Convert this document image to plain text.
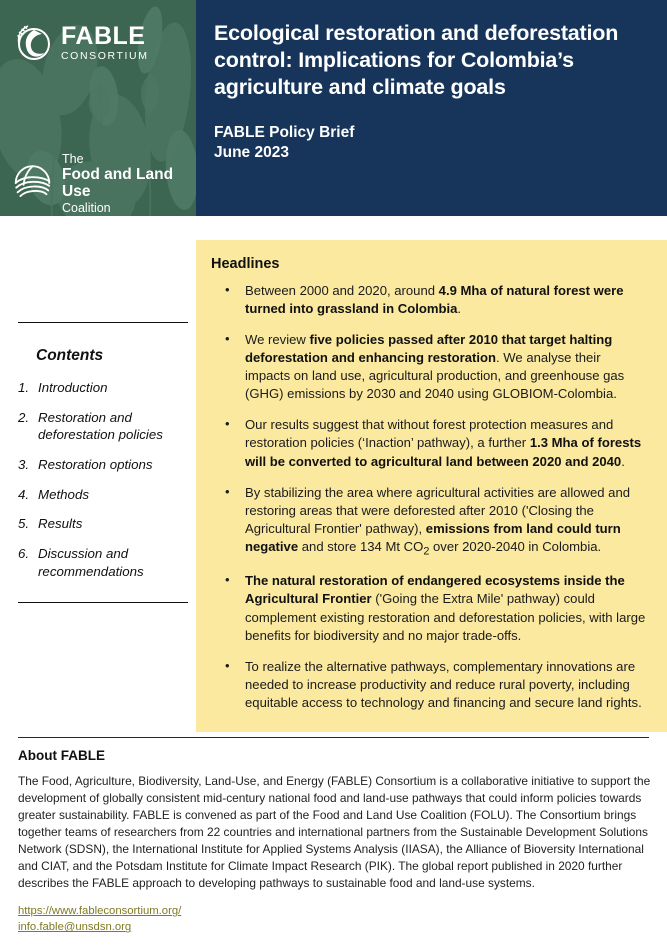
FABLE
CONSORTIUM
The
Food and Land Use
Coalition
Ecological restoration and deforestation control: Implications for Colombia’s agriculture and climate goals
FABLE Policy Brief
June 2023
Contents
1. Introduction
2. Restoration and deforestation policies
3. Restoration options
4. Methods
5. Results
6. Discussion and recommendations
Headlines
• Between 2000 and 2020, around 4.9 Mha of natural forest were turned into grassland in Colombia.
• We review five policies passed after 2010 that target halting deforestation and enhancing restoration. We analyse their impacts on land use, agricultural production, and greenhouse gas (GHG) emissions by 2030 and 2040 using GLOBIOM-Colombia.
• Our results suggest that without forest protection measures and restoration policies (‘Inaction’ pathway), a further 1.3 Mha of forests will be converted to agricultural land between 2020 and 2040.
• By stabilizing the area where agricultural activities are allowed and restoring areas that were deforested after 2010 ('Closing the Agricultural Frontier' pathway), emissions from land could turn negative and store 134 Mt $CO_2$ over 2020-2040 in Colombia.
• The natural restoration of endangered ecosystems inside the Agricultural Frontier ('Going the Extra Mile' pathway) could complement existing restoration and deforestation policies, with large benefits for biodiversity and no major trade-offs.
• To realize the alternative pathways, complementary innovations are needed to increase productivity and reduce rural poverty, including equitable access to technology and financing and secure land rights.
About FABLE

The Food, Agriculture, Biodiversity, Land-Use, and Energy (FABLE) Consortium is a collaborative initiative to support the development of globally consistent mid-century national food and land-use pathways that could inform policies towards greater sustainability. FABLE is convened as part of the Food and Land Use Coalition (FOLU). The Consortium brings together teams of researchers from 22 countries and international partners from the Sustainable Development Solutions Network (SDSN), the International Institute for Applied Systems Analysis (IIASA), the Alliance of Bioversity International and CIAT, and the Potsdam Institute for Climate Impact Research (PIK). The global report published in 2020 further describes the FABLE approach to developing pathways to sustainable food and land-use systems.

https://www.fableconsortium.org/
info.fable@unsdsn.org
